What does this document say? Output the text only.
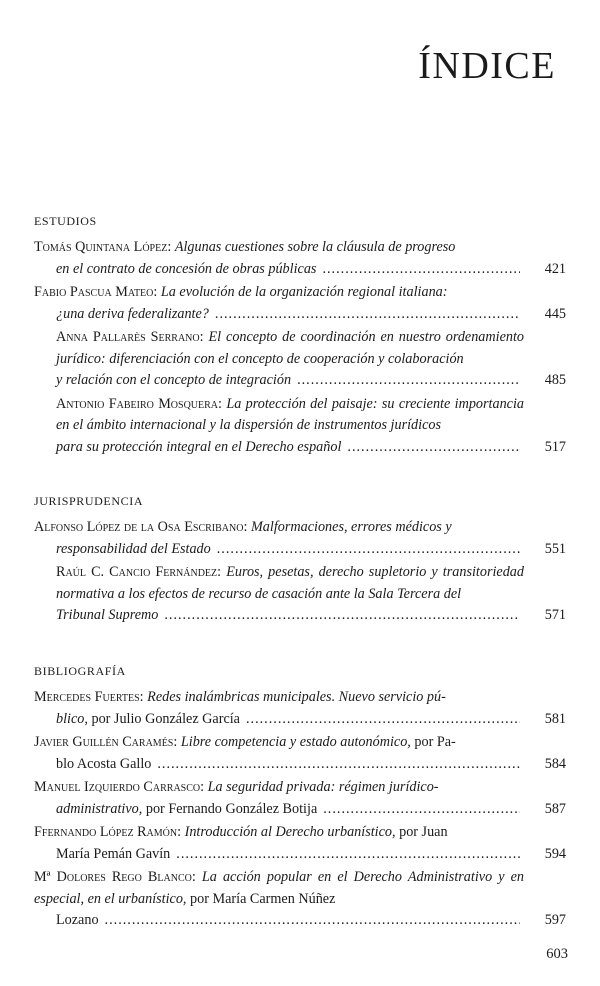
ÍNDICE
ESTUDIOS
Tomás Quintana López: Algunas cuestiones sobre la cláusula de progreso
en el contrato de concesión de obras públicas .....	421
Fabio Pascua Mateo: La evolución de la organización regional italiana:
¿una deriva federalizante? .....	445
Anna Pallarès Serrano: El concepto de coordinación en nuestro ordenamiento jurídico: diferenciación con el concepto de cooperación y colaboración
y relación con el concepto de integración .....	485
Antonio Fabeiro Mosquera: La protección del paisaje: su creciente importancia en el ámbito internacional y la dispersión de instrumentos jurídicos
para su protección integral en el Derecho español .....	517
JURISPRUDENCIA
Alfonso López de la Osa Escribano: Malformaciones, errores médicos y
responsabilidad del Estado .....	551
Raúl C. Cancio Fernández: Euros, pesetas, derecho supletorio y transitoriedad normativa a los efectos de recurso de casación ante la Sala Tercera del
Tribunal Supremo .....	571
BIBLIOGRAFÍA
Mercedes Fuertes: Redes inalámbricas municipales. Nuevo servicio pú-
blico, por Julio González García .....	581
Javier Guillén Caramés: Libre competencia y estado autonómico, por Pa-
blo Acosta Gallo .....	584
Manuel Izquierdo Carrasco: La seguridad privada: régimen jurídico-
administrativo, por Fernando González Botija .....	587
Ffernando López Ramón: Introducción al Derecho urbanístico, por Juan
María Pemán Gavín .....	594
Mª Dolores Rego Blanco: La acción popular en el Derecho Administrativo y en especial, en el urbanístico, por María Carmen Núñez
Lozano .....	597
603
